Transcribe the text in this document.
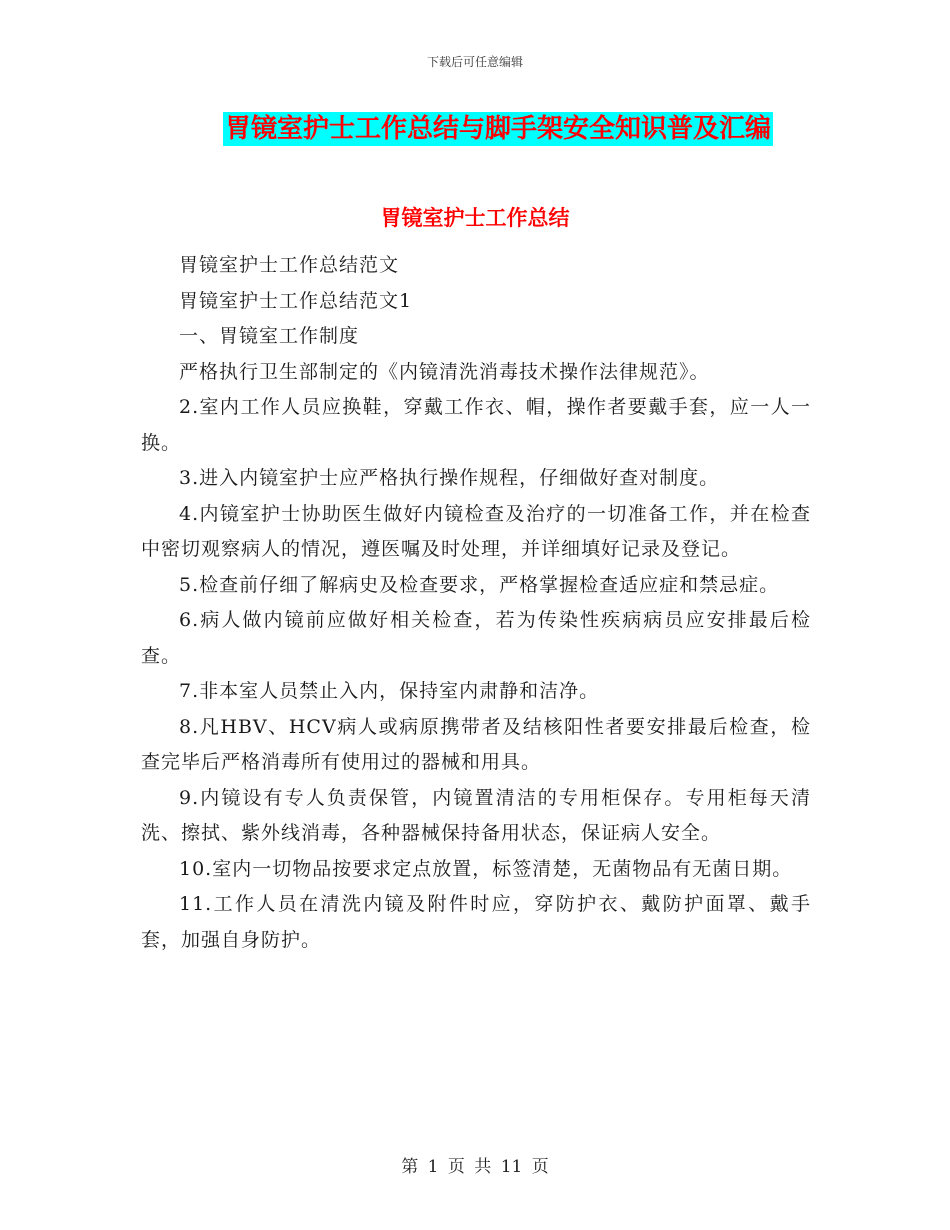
下载后可任意编辑
胃镜室护士工作总结与脚手架安全知识普及汇编
胃镜室护士工作总结

胃镜室护士工作总结范文

胃镜室护士工作总结范文1

一、胃镜室工作制度

严格执行卫生部制定的《内镜清洗消毒技术操作法律规范》。

2.室内工作人员应换鞋，穿戴工作衣、帽，操作者要戴手套，应一人一换。

3.进入内镜室护士应严格执行操作规程，仔细做好查对制度。

4.内镜室护士协助医生做好内镜检查及治疗的一切准备工作，并在检查中密切观察病人的情况，遵医嘱及时处理，并详细填好记录及登记。

5.检查前仔细了解病史及检查要求，严格掌握检查适应症和禁忌症。

6.病人做内镜前应做好相关检查，若为传染性疾病病员应安排最后检查。

7.非本室人员禁止入内，保持室内肃静和洁净。

8.凡HBV、HCV病人或病原携带者及结核阳性者要安排最后检查，检查完毕后严格消毒所有使用过的器械和用具。

9.内镜设有专人负责保管，内镜置清洁的专用柜保存。专用柜每天清洗、擦拭、紫外线消毒，各种器械保持备用状态，保证病人安全。

10.室内一切物品按要求定点放置，标签清楚，无菌物品有无菌日期。

11.工作人员在清洗内镜及附件时应，穿防护衣、戴防护面罩、戴手套，加强自身防护。

第 1 页 共 11 页
